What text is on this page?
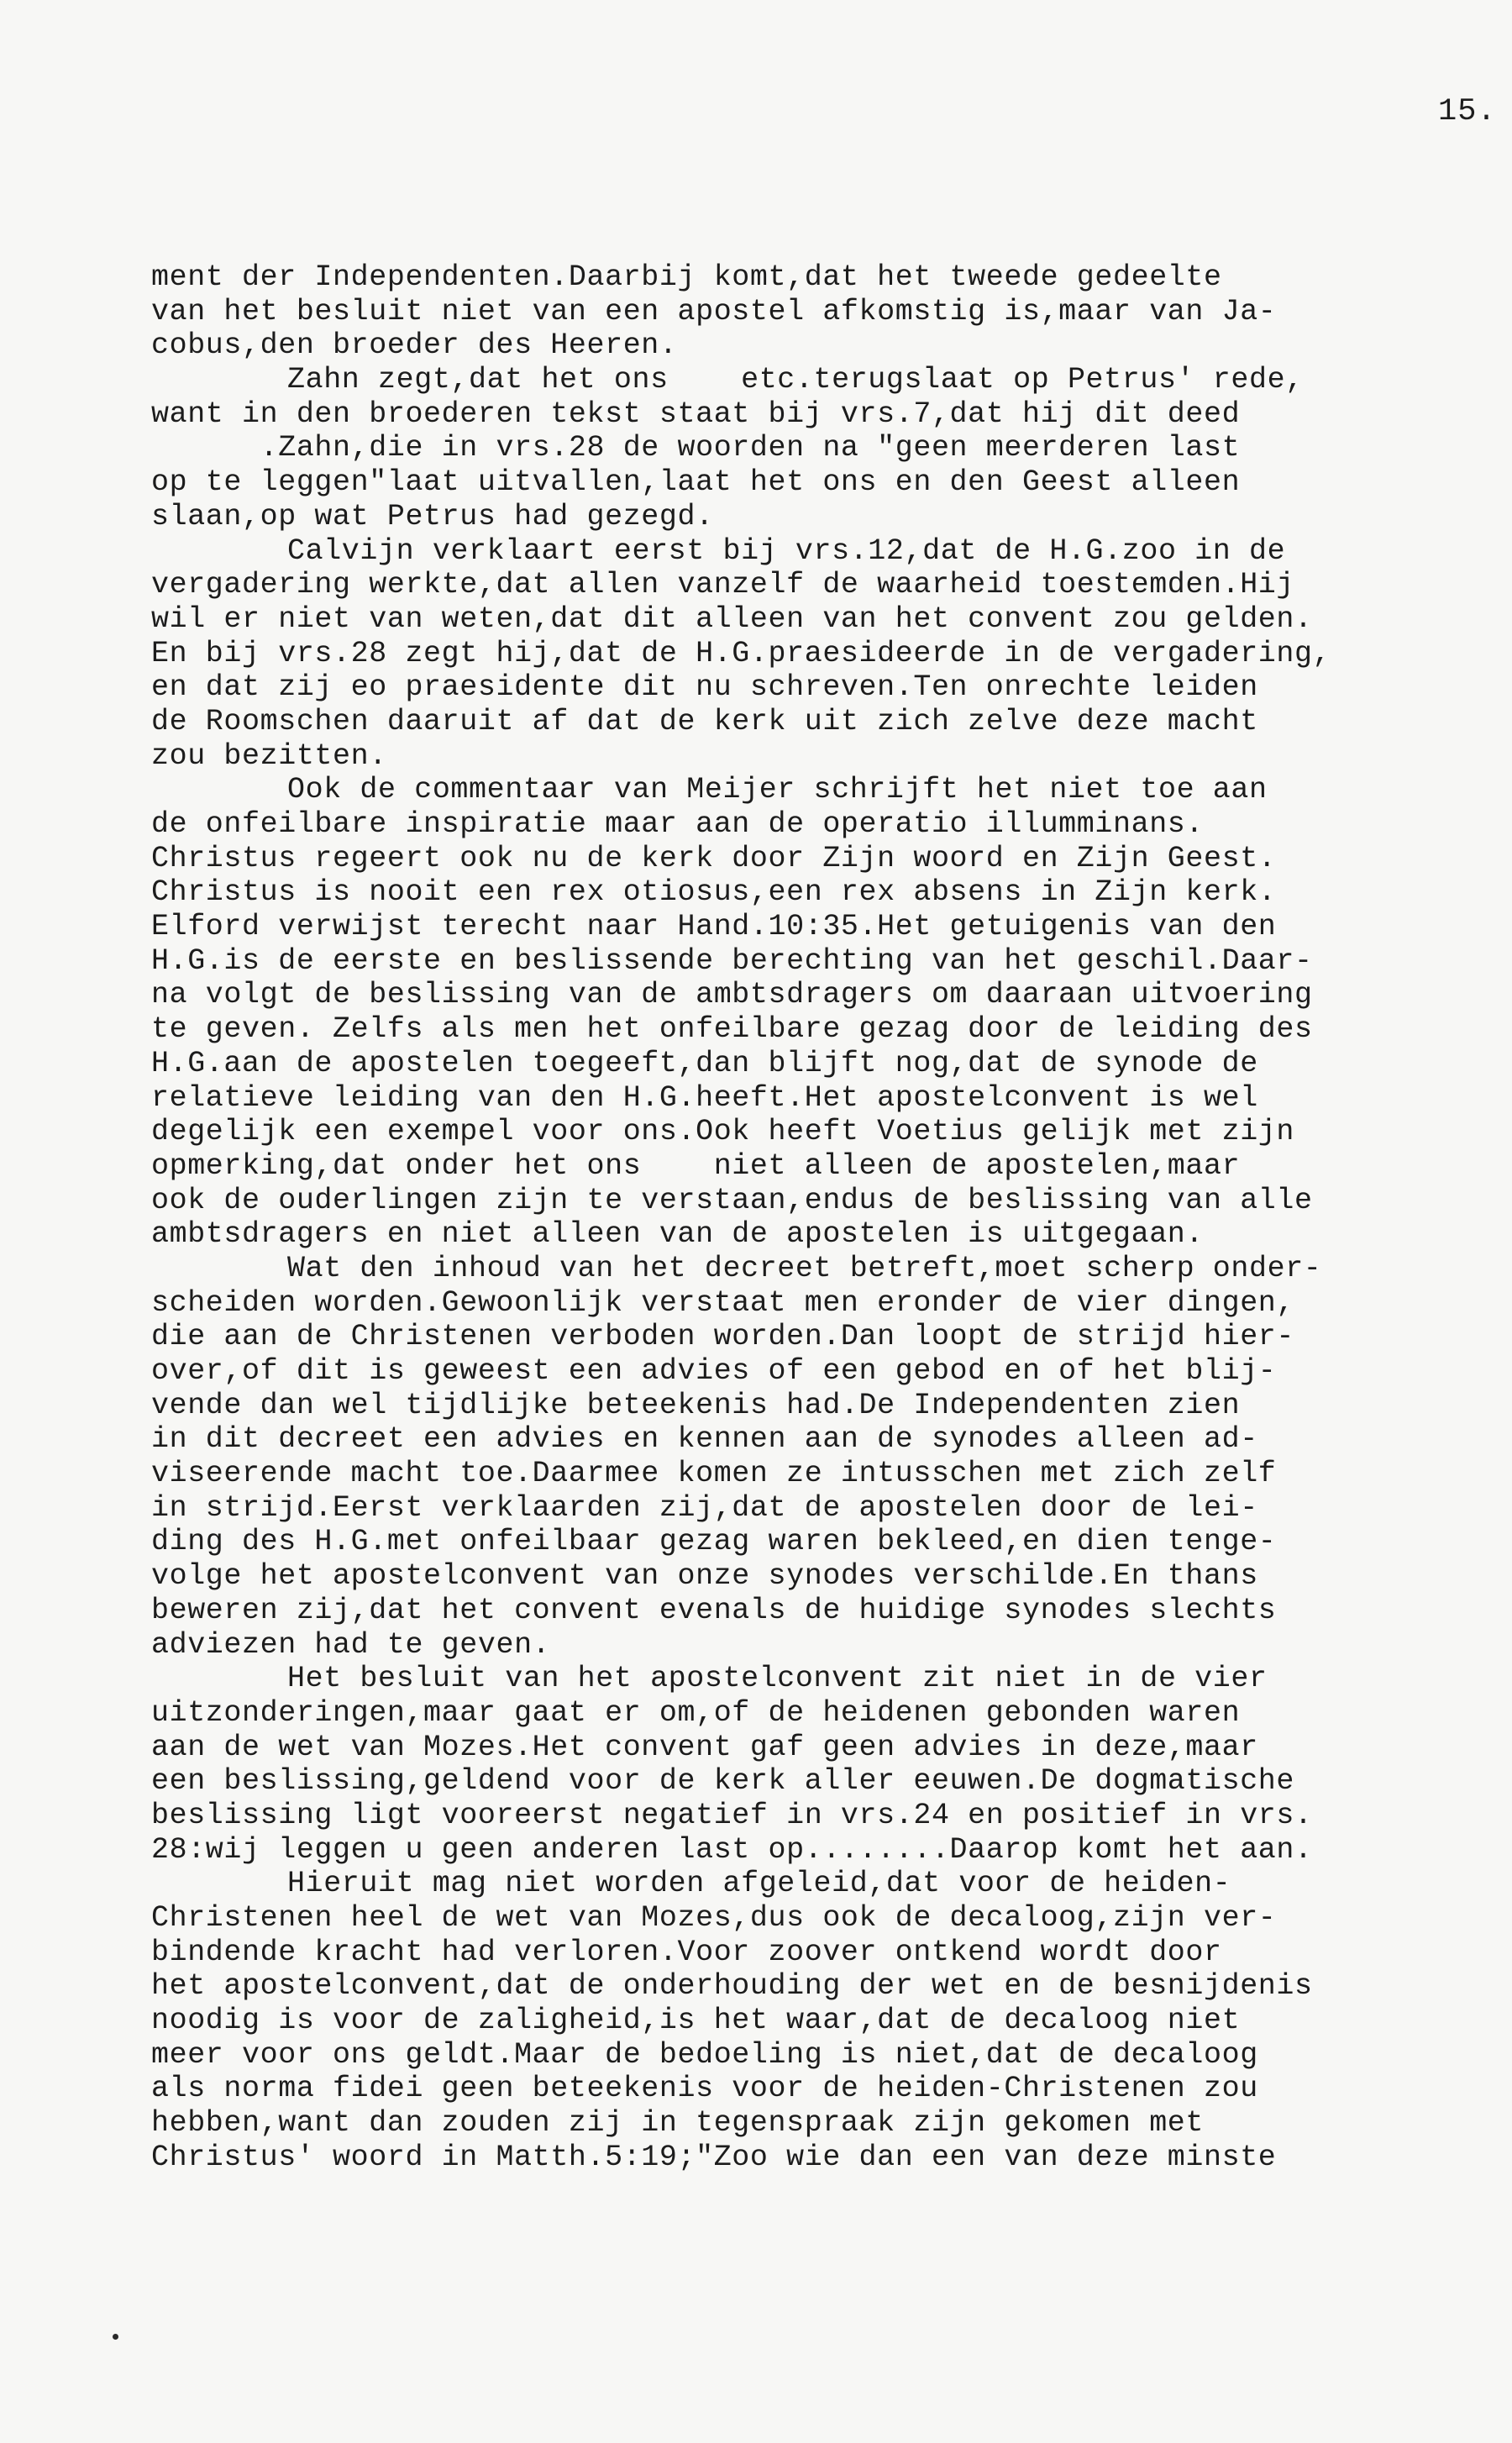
15.
ment der Independenten.Daarbij komt,dat het tweede gedeelte
van het besluit niet van een apostel afkomstig is,maar van Ja-
cobus,den broeder des Heeren.
Zahn zegt,dat het ons    etc.terugslaat op Petrus' rede,
want in den broederen tekst staat bij vrs.7,dat hij dit deed
.Zahn,die in vrs.28 de woorden na "geen meerderen last
op te leggen"laat uitvallen,laat het ons en den Geest alleen
slaan,op wat Petrus had gezegd.
Calvijn verklaart eerst bij vrs.12,dat de H.G.zoo in de
vergadering werkte,dat allen vanzelf de waarheid toestemden.Hij
wil er niet van weten,dat dit alleen van het convent zou gelden.
En bij vrs.28 zegt hij,dat de H.G.praesideerde in de vergadering,
en dat zij eo praesidente dit nu schreven.Ten onrechte leiden
de Roomschen daaruit af dat de kerk uit zich zelve deze macht
zou bezitten.
Ook de commentaar van Meijer schrijft het niet toe aan
de onfeilbare inspiratie maar aan de operatio illumminans.
Christus regeert ook nu de kerk door Zijn woord en Zijn Geest.
Christus is nooit een rex otiosus,een rex absens in Zijn kerk.
Elford verwijst terecht naar Hand.10:35.Het getuigenis van den
H.G.is de eerste en beslissende berechting van het geschil.Daar-
na volgt de beslissing van de ambtsdragers om daaraan uitvoering
te geven. Zelfs als men het onfeilbare gezag door de leiding des
H.G.aan de apostelen toegeeft,dan blijft nog,dat de synode de
relatieve leiding van den H.G.heeft.Het apostelconvent is wel
degelijk een exempel voor ons.Ook heeft Voetius gelijk met zijn
opmerking,dat onder het ons    niet alleen de apostelen,maar
ook de ouderlingen zijn te verstaan,endus de beslissing van alle
ambtsdragers en niet alleen van de apostelen is uitgegaan.
Wat den inhoud van het decreet betreft,moet scherp onder-
scheiden worden.Gewoonlijk verstaat men eronder de vier dingen,
die aan de Christenen verboden worden.Dan loopt de strijd hier-
over,of dit is geweest een advies of een gebod en of het blij-
vende dan wel tijdlijke beteekenis had.De Independenten zien
in dit decreet een advies en kennen aan de synodes alleen ad-
viseerende macht toe.Daarmee komen ze intusschen met zich zelf
in strijd.Eerst verklaarden zij,dat de apostelen door de lei-
ding des H.G.met onfeilbaar gezag waren bekleed,en dien tenge-
volge het apostelconvent van onze synodes verschilde.En thans
beweren zij,dat het convent evenals de huidige synodes slechts
adviezen had te geven.
Het besluit van het apostelconvent zit niet in de vier
uitzonderingen,maar gaat er om,of de heidenen gebonden waren
aan de wet van Mozes.Het convent gaf geen advies in deze,maar
een beslissing,geldend voor de kerk aller eeuwen.De dogmatische
beslissing ligt vooreerst negatief in vrs.24 en positief in vrs.
28:wij leggen u geen anderen last op........Daarop komt het aan.
Hieruit mag niet worden afgeleid,dat voor de heiden-
Christenen heel de wet van Mozes,dus ook de decaloog,zijn ver-
bindende kracht had verloren.Voor zoover ontkend wordt door
het apostelconvent,dat de onderhouding der wet en de besnijdenis
noodig is voor de zaligheid,is het waar,dat de decaloog niet
meer voor ons geldt.Maar de bedoeling is niet,dat de decaloog
als norma fidei geen beteekenis voor de heiden-Christenen zou
hebben,want dan zouden zij in tegenspraak zijn gekomen met
Christus' woord in Matth.5:19;"Zoo wie dan een van deze minste
